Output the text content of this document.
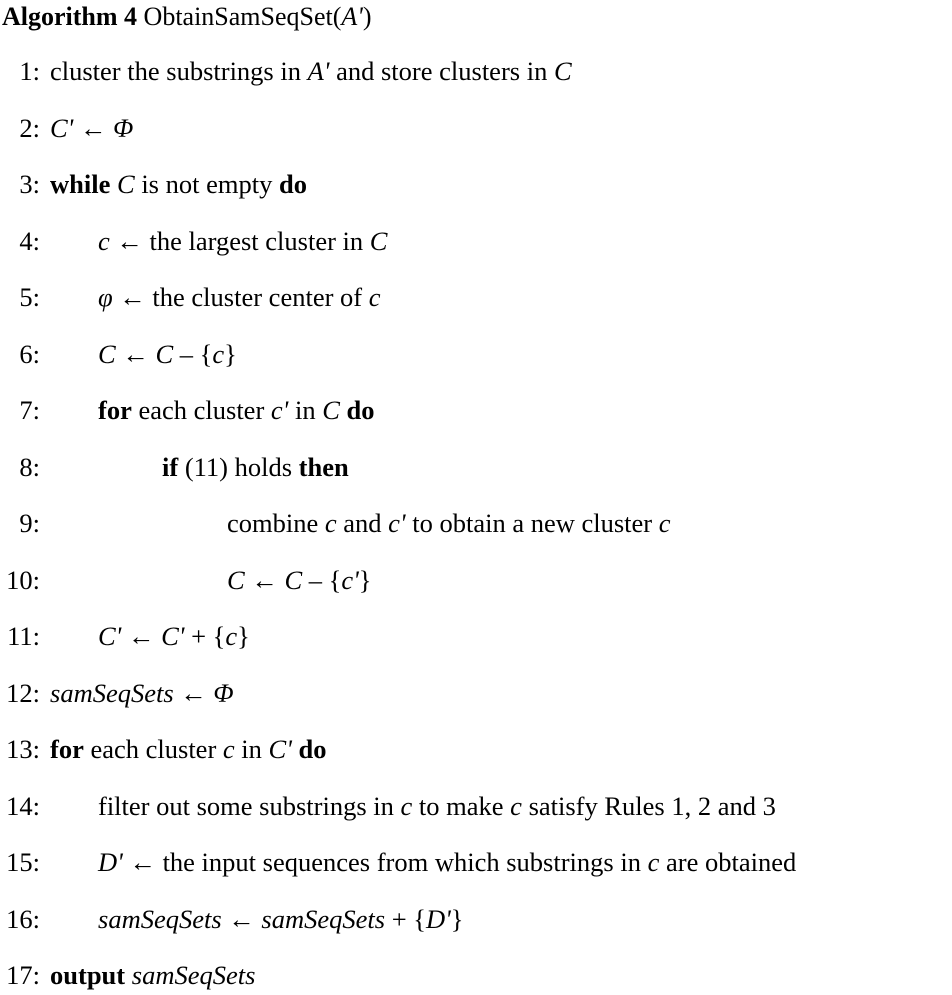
Algorithm 4 ObtainSamSeqSet(A')
1: cluster the substrings in A' and store clusters in C
2: C' ← Φ
3: while C is not empty do
4: c ← the largest cluster in C
5: φ ← the cluster center of c
6: C ← C – {c}
7: for each cluster c' in C do
8:	if (11) holds then
9:	combine c and c' to obtain a new cluster c
10:	C ← C – {c'}
11: C' ← C' + {c}
12: samSeqSets ← Φ
13: for each cluster c in C' do
14: filter out some substrings in c to make c satisfy Rules 1, 2 and 3
15: D' ← the input sequences from which substrings in c are obtained
16: samSeqSets ← samSeqSets + {D'}
17: output samSeqSets
